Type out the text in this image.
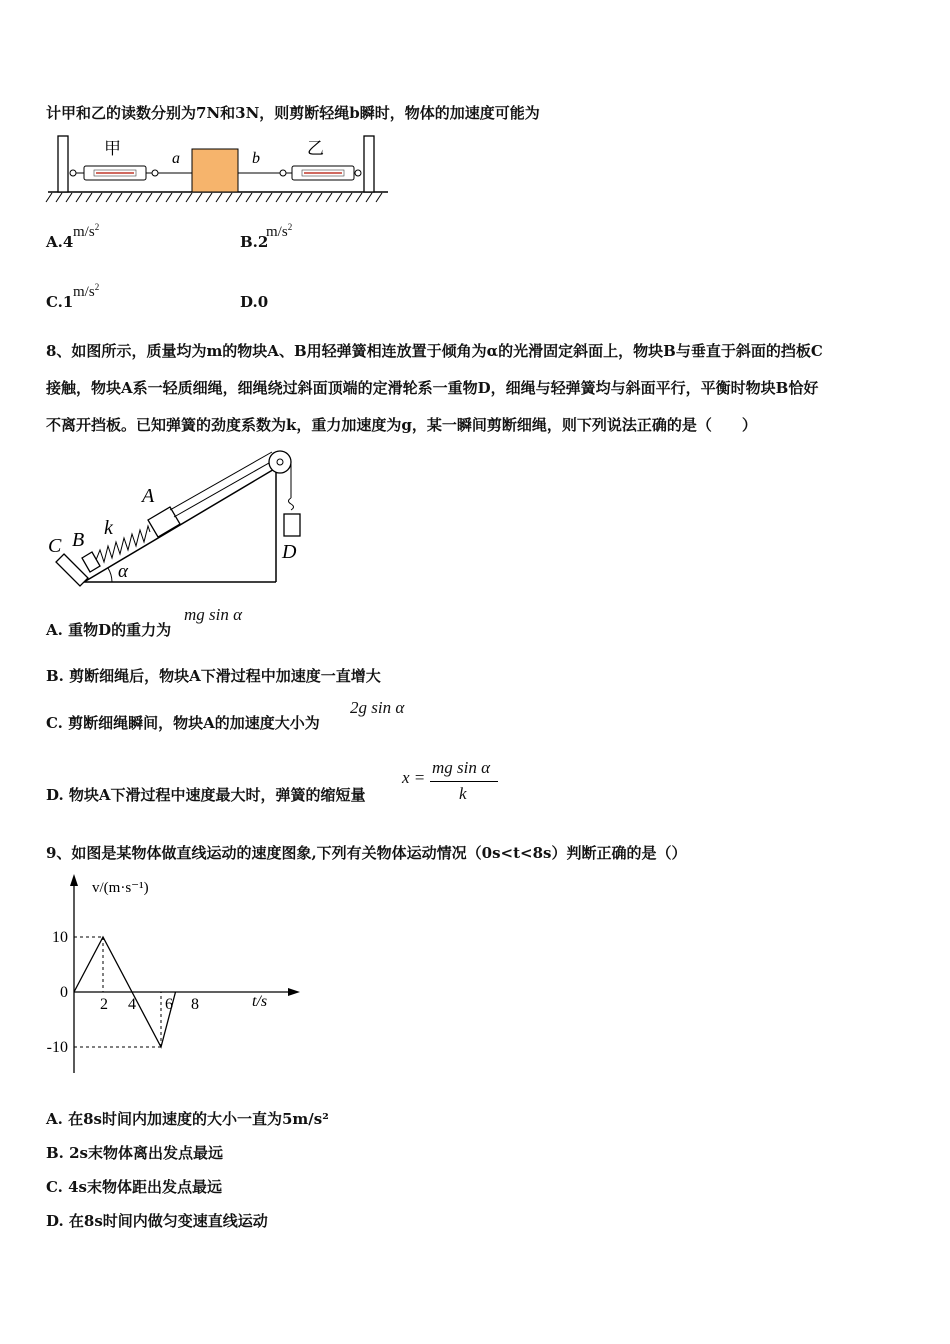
计甲和乙的读数分别为7N和3N，则剪断轻绳b瞬时，物体的加速度可能为
甲
a	b
乙
A.4
$m/s^2$
B.2
$m/s^2$
C.1
$m/s^2$
D.0
8、如图所示，质量均为m的物块A、B用轻弹簧相连放置于倾角为α的光滑固定斜面上，物块B与垂直于斜面的挡板C
接触，物块A系一轻质细绳，细绳绕过斜面顶端的定滑轮系一重物D，细绳与轻弹簧均与斜面平行，平衡时物块B恰好
不离开挡板。已知弹簧的劲度系数为k，重力加速度为g，某一瞬间剪断细绳，则下列说法正确的是（　　）
C B
k
A
α
D
A. 重物D的重力为
mg sin α
B. 剪断细绳后，物块A下滑过程中加速度一直增大
C. 剪断细绳瞬间，物块A的加速度大小为
2g sin α
D. 物块A下滑过程中速度最大时，弹簧的缩短量
x =
mg sin α
k
9、如图是某物体做直线运动的速度图象,下列有关物体运动情况（0s<t<8s）判断正确的是（）
v/(m·s⁻¹)
t/s
2 4 6 8
10
0
-10
A. 在8s时间内加速度的大小一直为5m/s²
B. 2s末物体离出发点最远
C. 4s末物体距出发点最远
D. 在8s时间内做匀变速直线运动
